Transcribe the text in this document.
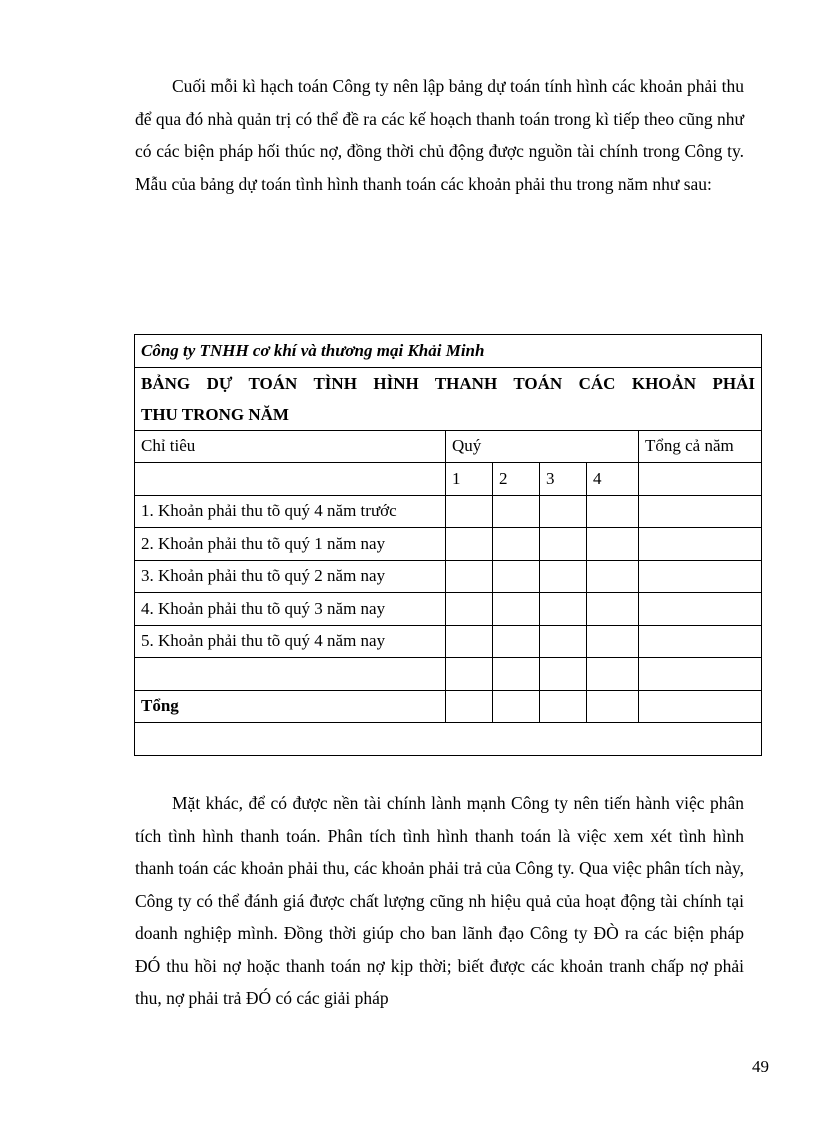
Cuối mỗi kì hạch toán Công ty nên lập bảng dự toán tính hình các khoản phải thu để qua đó nhà quản trị có thể đề ra các kế hoạch thanh toán trong kì tiếp theo cũng như có các biện pháp hối thúc nợ, đồng thời chủ động được nguồn tài chính trong Công ty. Mẫu của bảng dự toán tình hình thanh toán các khoản phải thu trong năm như sau:

Công ty TNHH cơ khí và thương mại Khải Minh					

BẢNG DỰ TOÁN TÌNH HÌNH THANH TOÁN CÁC KHOẢN PHẢI
THU TRONG NĂM					

Chỉ tiêu	Quý				Tổng cả năm
	1	2	3	4	
1. Khoản phải thu tõ quý 4 năm trước					
2. Khoản phải thu tõ quý 1 năm nay					
3. Khoản phải thu tõ quý 2 năm nay					
4. Khoản phải thu tõ quý 3 năm nay					
5. Khoản phải thu tõ quý 4 năm nay					

Tổng					

Mặt khác, để có được nền tài chính lành mạnh Công ty nên tiến hành việc phân tích tình hình thanh toán. Phân tích tình hình thanh toán là việc xem xét tình hình thanh toán các khoản phải thu, các khoản phải trả của Công ty. Qua việc phân tích này, Công ty có thể đánh giá được chất lượng cũng nh hiệu quả của hoạt động tài chính tại doanh nghiệp mình. Đồng thời giúp cho ban lãnh đạo Công ty ĐÒ ra các biện pháp ĐÓ thu hồi nợ hoặc thanh toán nợ kịp thời; biết được các khoản tranh chấp nợ phải thu, nợ phải trả ĐÓ có các giải pháp

49
